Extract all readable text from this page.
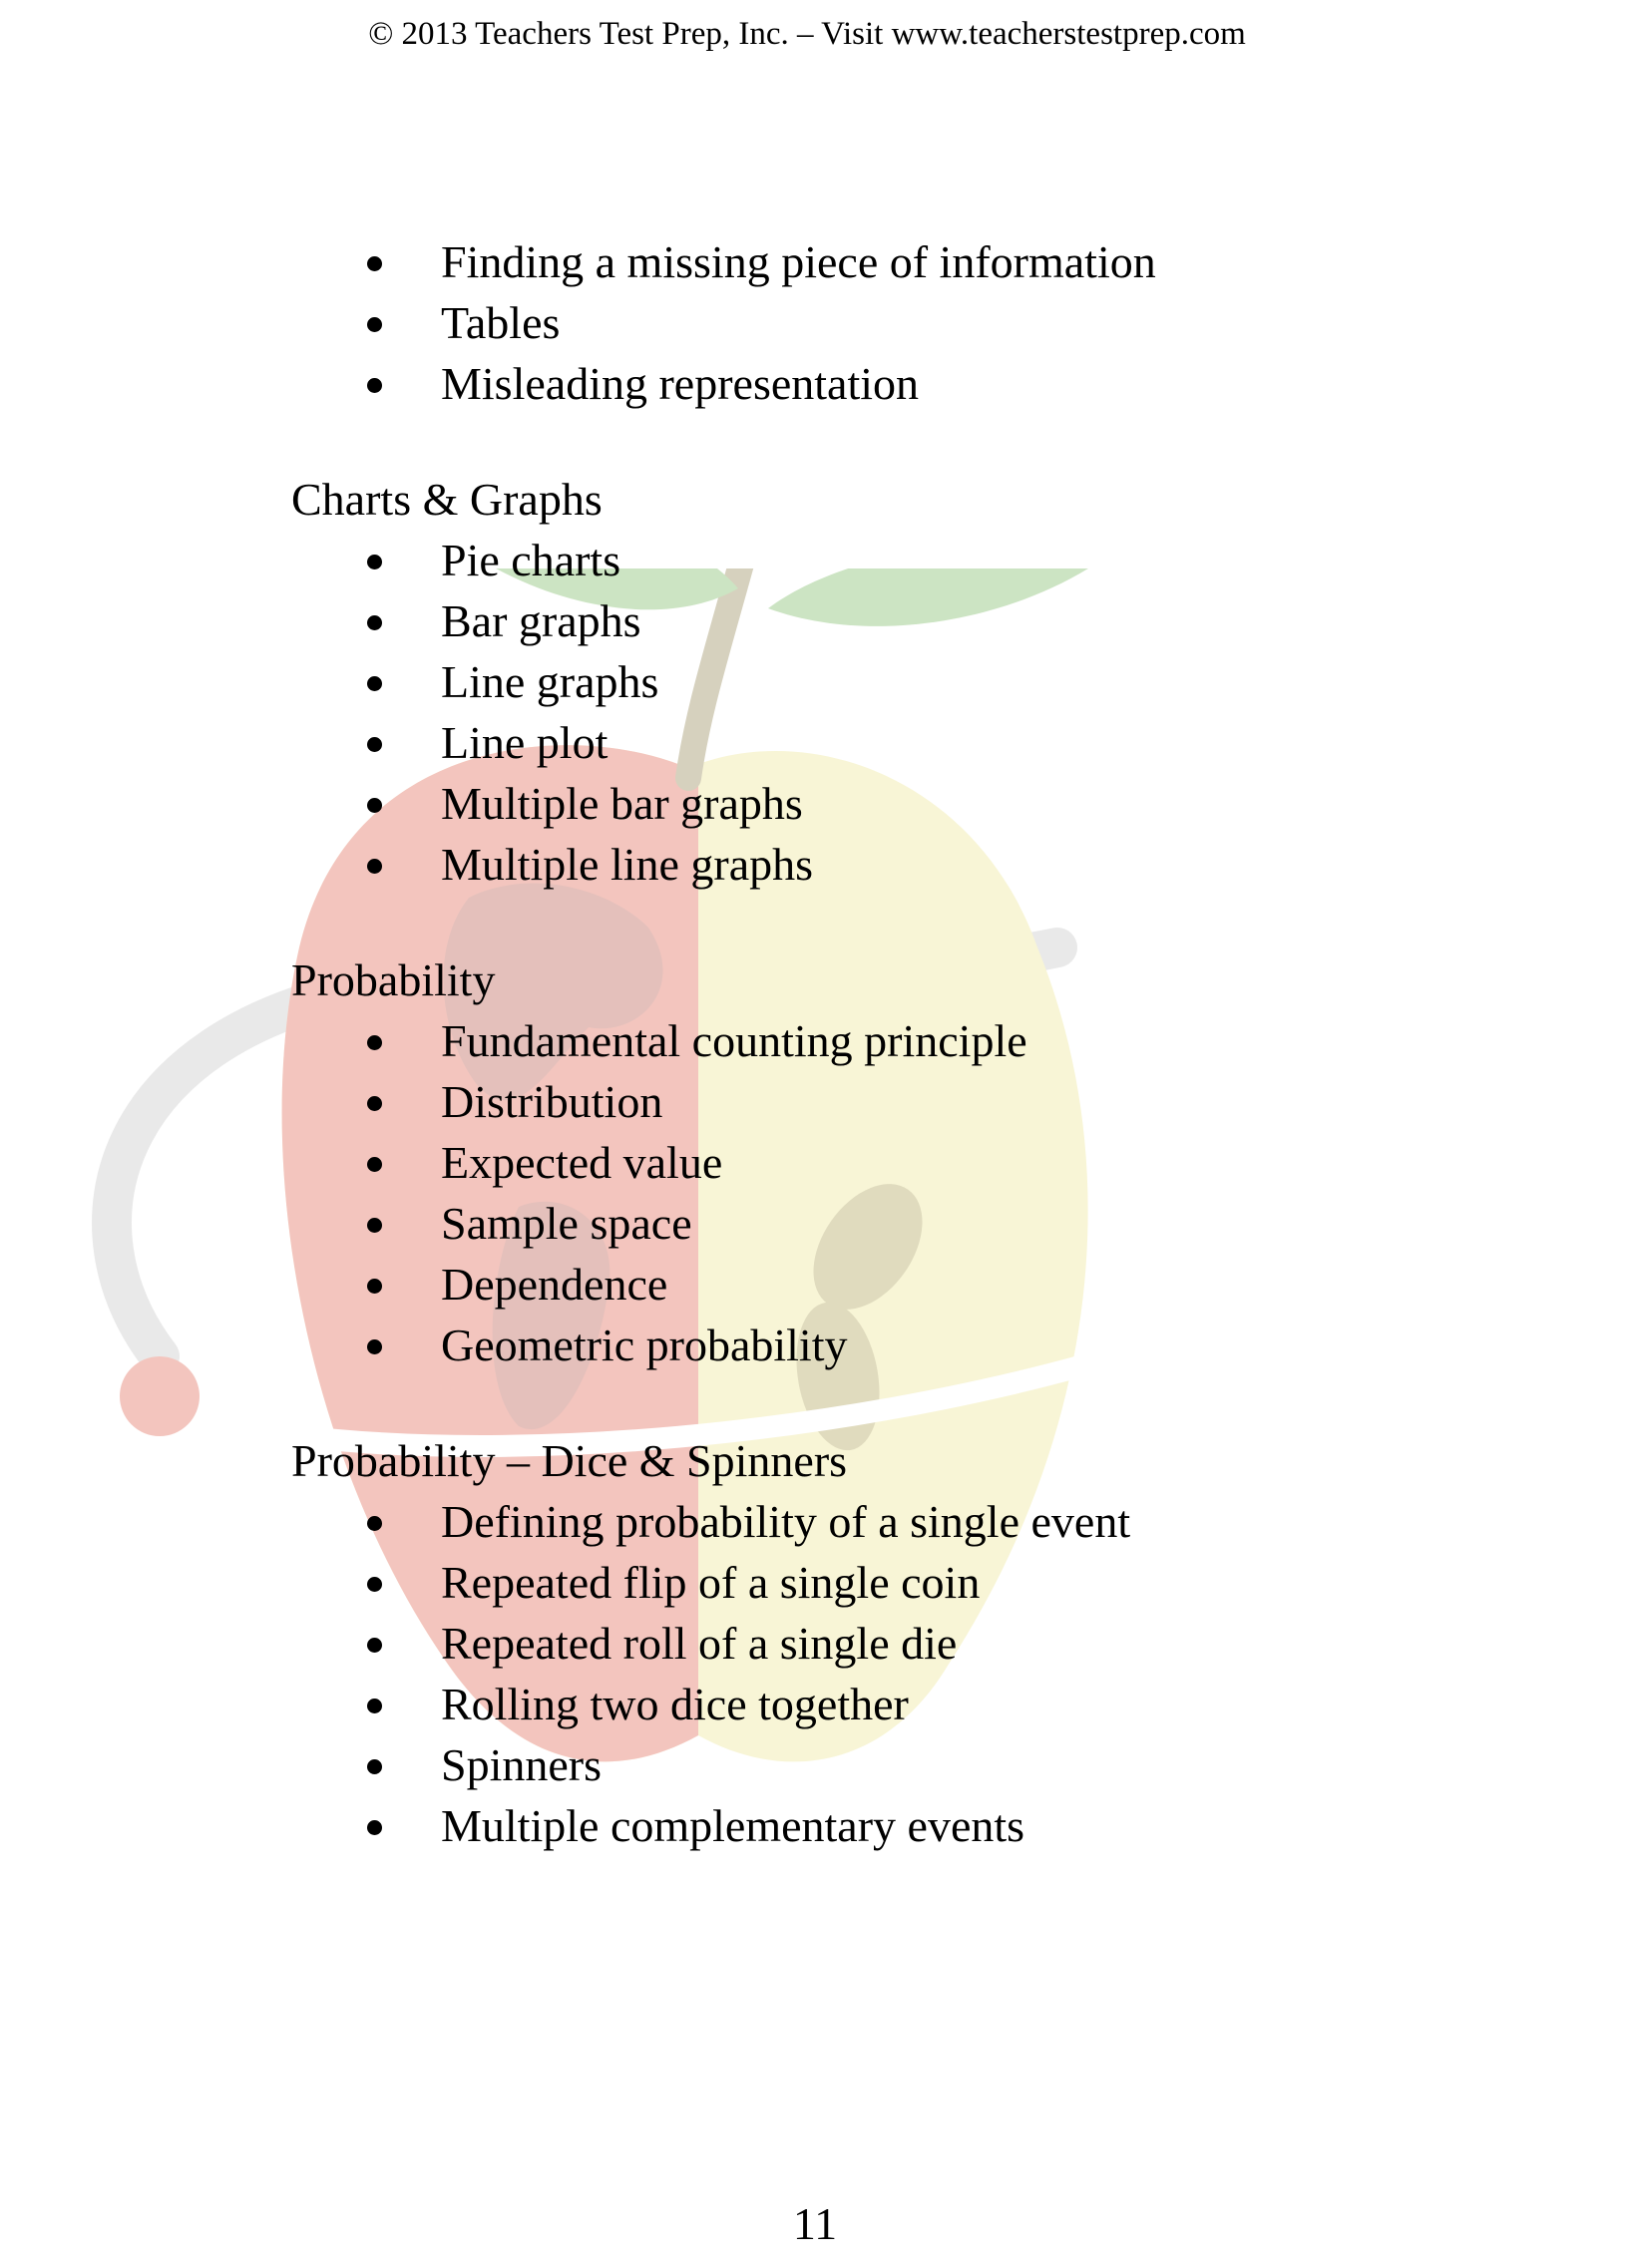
© 2013 Teachers Test Prep, Inc. – Visit www.teacherstestprep.com
Finding a missing piece of information
Tables
Misleading representation
Charts & Graphs
Pie charts
Bar graphs
Line graphs
Line plot
Multiple bar graphs
Multiple line graphs
Probability
Fundamental counting principle
Distribution
Expected value
Sample space
Dependence
Geometric probability
Probability – Dice & Spinners
Defining probability of a single event
Repeated flip of a single coin
Repeated roll of a single die
Rolling two dice together
Spinners
Multiple complementary events
11
